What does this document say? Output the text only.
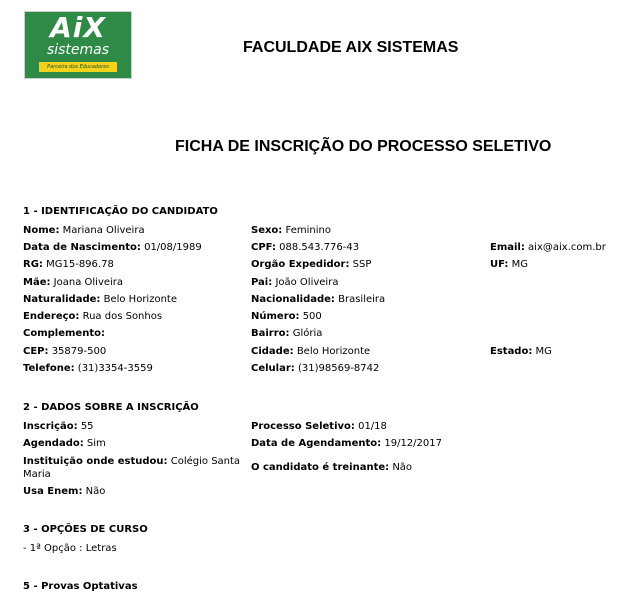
AiX
sistemas
Parceira dos Educadores
FACULDADE AIX SISTEMAS
FICHA DE INSCRIÇÃO DO PROCESSO SELETIVO
1 - IDENTIFICAÇÃO DO CANDIDATO
Nome: Mariana Oliveira	Sexo: Feminino
Data de Nascimento: 01/08/1989	CPF: 088.543.776-43	Email: aix@aix.com.br
RG: MG15-896.78	Orgão Expedidor: SSP	UF: MG
Mãe: Joana Oliveira	Pai: João Oliveira
Naturalidade: Belo Horizonte	Nacionalidade: Brasileira
Endereço: Rua dos Sonhos	Número: 500
Complemento:	Bairro: Glória
CEP: 35879-500	Cidade: Belo Horizonte	Estado: MG
Telefone: (31)3354-3559	Celular: (31)98569-8742
2 - DADOS SOBRE A INSCRIÇÃO
Inscrição: 55	Processo Seletivo: 01/18
Agendado: Sim	Data de Agendamento: 19/12/2017
Instituição onde estudou: Colégio Santa Maria
O candidato é treinante: Não
Usa Enem: Não
3 - OPÇÕES DE CURSO
- 1ª Opção : Letras
5 - Provas Optativas
